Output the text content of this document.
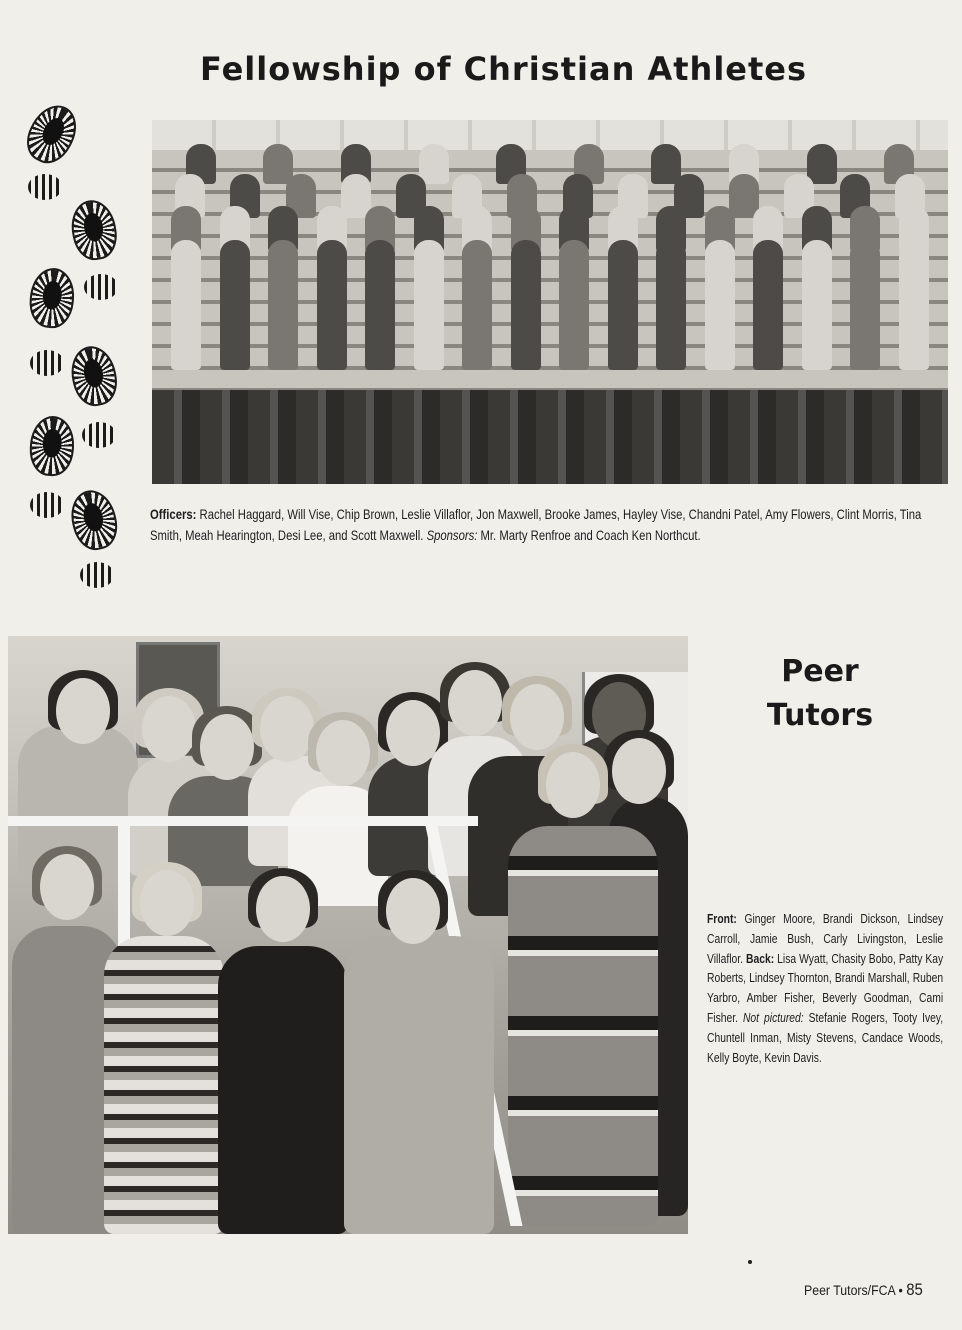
Fellowship of Christian Athletes

Officers: Rachel Haggard, Will Vise, Chip Brown, Leslie Villaflor, Jon Maxwell, Brooke James, Hayley Vise, Chandni Patel, Amy Flowers, Clint Morris, Tina Smith, Meah Hearington, Desi Lee, and Scott Maxwell. Sponsors: Mr. Marty Renfroe and Coach Ken Northcut.

Peer
Tutors
Front: Ginger Moore, Brandi Dickson, Lindsey Carroll, Jamie Bush, Carly Livingston, Leslie Villaflor. Back: Lisa Wyatt, Chasity Bobo, Patty Kay Roberts, Lindsey Thornton, Brandi Marshall, Ruben Yarbro, Amber Fisher, Beverly Goodman, Cami Fisher. Not pictured: Stefanie Rogers, Tooty Ivey, Chuntell Inman, Misty Stevens, Candace Woods, Kelly Boyte, Kevin Davis.
Peer Tutors/FCA • 85
